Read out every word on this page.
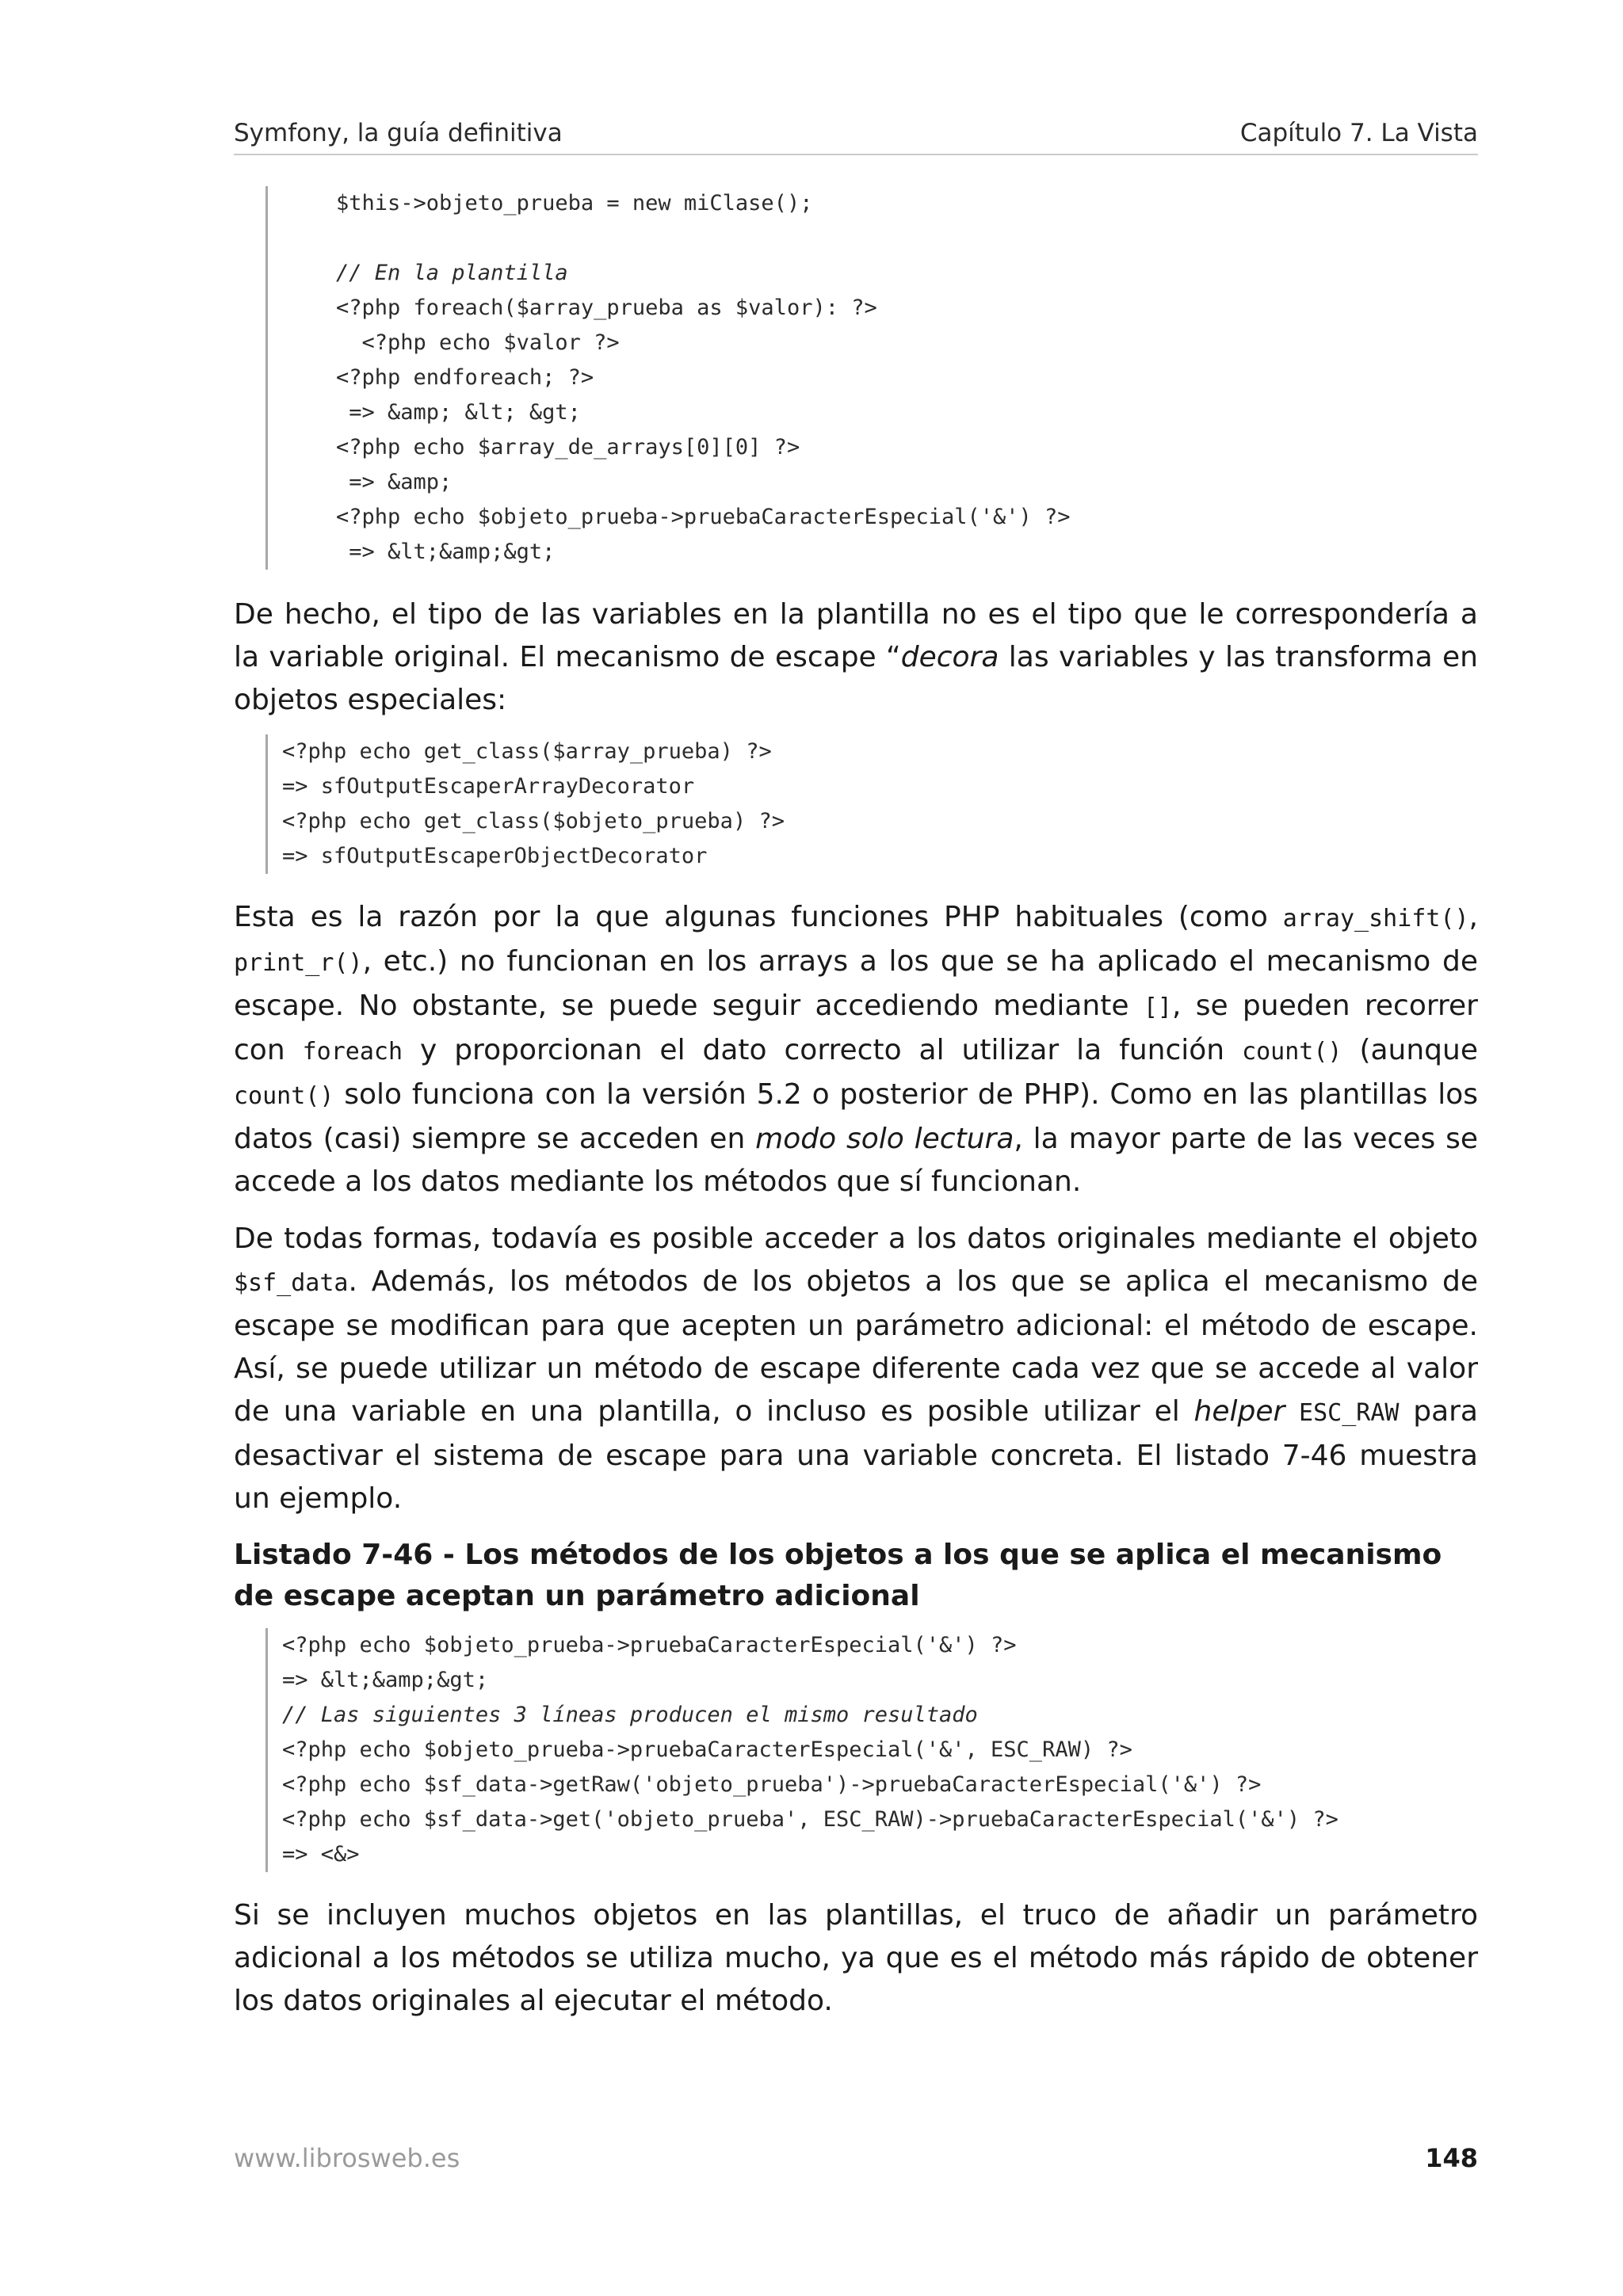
Symfony, la guía definitiva	Capítulo 7. La Vista
$this->objeto_prueba = new miClase();

// En la plantilla
<?php foreach($array_prueba as $valor): ?>
<?php echo $valor ?>
<?php endforeach; ?>
=> &amp; &lt; &gt;
<?php echo $array_de_arrays[0][0] ?>
=> &amp;
<?php echo $objeto_prueba->pruebaCaracterEspecial('&') ?>
=> &lt;&amp;&gt;

De hecho, el tipo de las variables en la plantilla no es el tipo que le correspondería a la variable original. El mecanismo de escape “decora las variables y las transforma en objetos especiales:

<?php echo get_class($array_prueba) ?>
=> sfOutputEscaperArrayDecorator
<?php echo get_class($objeto_prueba) ?>
=> sfOutputEscaperObjectDecorator

Esta es la razón por la que algunas funciones PHP habituales (como array_shift(), print_r(), etc.) no funcionan en los arrays a los que se ha aplicado el mecanismo de escape. No obstante, se puede seguir accediendo mediante [], se pueden recorrer con foreach y proporcionan el dato correcto al utilizar la función count() (aunque count() solo funciona con la versión 5.2 o posterior de PHP). Como en las plantillas los datos (casi) siempre se acceden en modo solo lectura, la mayor parte de las veces se accede a los datos mediante los métodos que sí funcionan.

De todas formas, todavía es posible acceder a los datos originales mediante el objeto $sf_data. Además, los métodos de los objetos a los que se aplica el mecanismo de escape se modifican para que acepten un parámetro adicional: el método de escape. Así, se puede utilizar un método de escape diferente cada vez que se accede al valor de una variable en una plantilla, o incluso es posible utilizar el helper ESC_RAW para desactivar el sistema de escape para una variable concreta. El listado 7-46 muestra un ejemplo.

Listado 7-46 - Los métodos de los objetos a los que se aplica el mecanismo de escape aceptan un parámetro adicional
<?php echo $objeto_prueba->pruebaCaracterEspecial('&') ?>
=> &lt;&amp;&gt;
// Las siguientes 3 líneas producen el mismo resultado
<?php echo $objeto_prueba->pruebaCaracterEspecial('&', ESC_RAW) ?>
<?php echo $sf_data->getRaw('objeto_prueba')->pruebaCaracterEspecial('&') ?>
<?php echo $sf_data->get('objeto_prueba', ESC_RAW)->pruebaCaracterEspecial('&') ?>
=> <&>

Si se incluyen muchos objetos en las plantillas, el truco de añadir un parámetro adicional a los métodos se utiliza mucho, ya que es el método más rápido de obtener los datos originales al ejecutar el método.

www.librosweb.es	148
